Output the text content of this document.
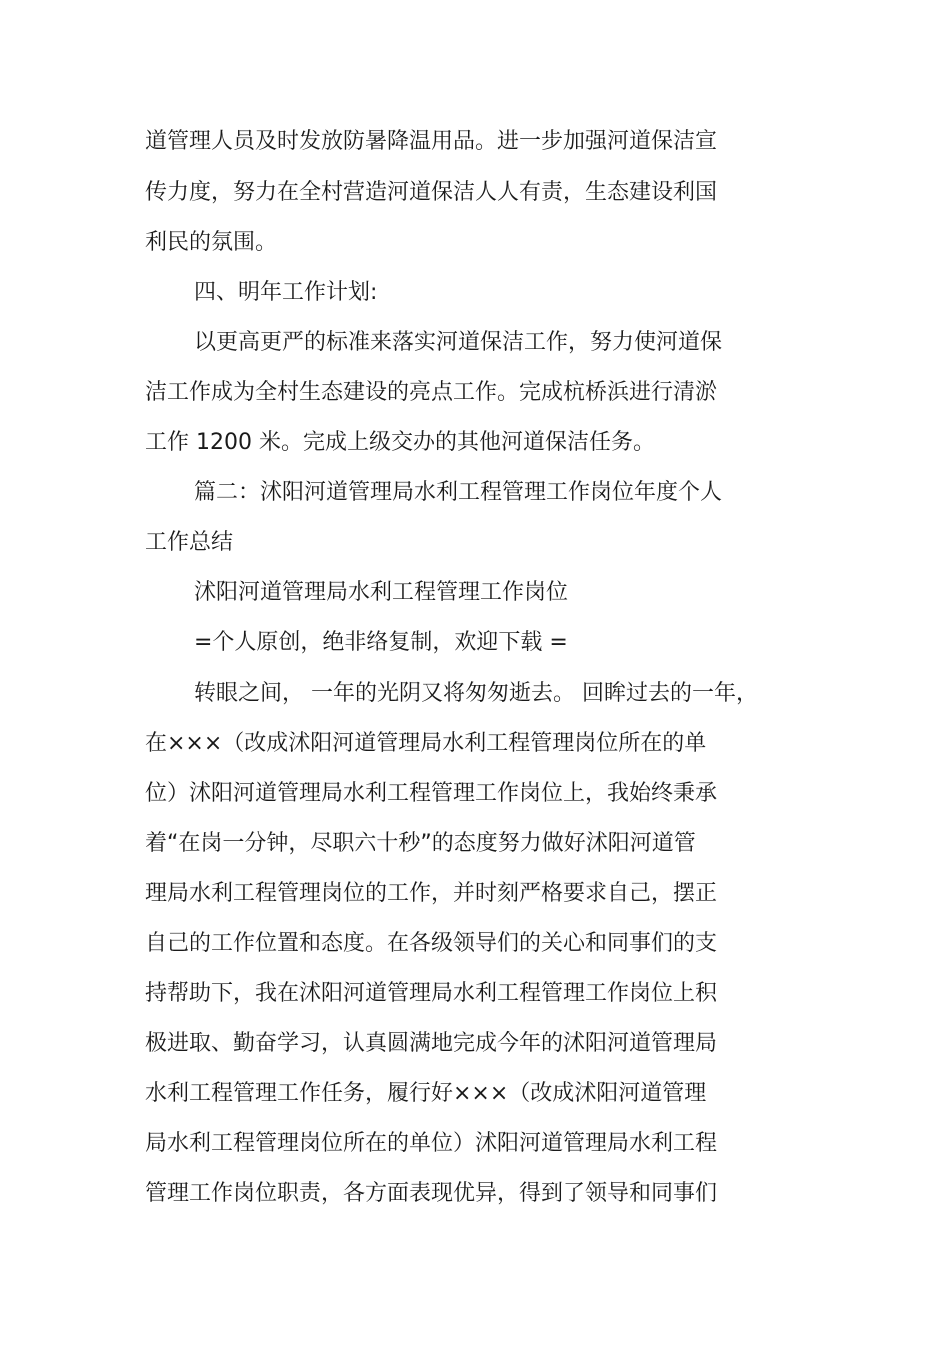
道管理人员及时发放防暑降温用品。进一步加强河道保洁宣
传力度，努力在全村营造河道保洁人人有责，生态建设利国
利民的氛围。
四、明年工作计划:
以更高更严的标准来落实河道保洁工作，努力使河道保
洁工作成为全村生态建设的亮点工作。完成杭桥浜进行清淤
工作 1200 米。完成上级交办的其他河道保洁任务。
篇二：沭阳河道管理局水利工程管理工作岗位年度个人
工作总结
沭阳河道管理局水利工程管理工作岗位
=个人原创，绝非络复制，欢迎下载 =
转眼之间， 一年的光阴又将匆匆逝去。 回眸过去的一年，
在×××（改成沭阳河道管理局水利工程管理岗位所在的单
位）沭阳河道管理局水利工程管理工作岗位上，我始终秉承
着“在岗一分钟，尽职六十秒”的态度努力做好沭阳河道管
理局水利工程管理岗位的工作，并时刻严格要求自己，摆正
自己的工作位置和态度。在各级领导们的关心和同事们的支
持帮助下，我在沭阳河道管理局水利工程管理工作岗位上积
极进取、勤奋学习，认真圆满地完成今年的沭阳河道管理局
水利工程管理工作任务，履行好×××（改成沭阳河道管理
局水利工程管理岗位所在的单位）沭阳河道管理局水利工程
管理工作岗位职责，各方面表现优异，得到了领导和同事们
